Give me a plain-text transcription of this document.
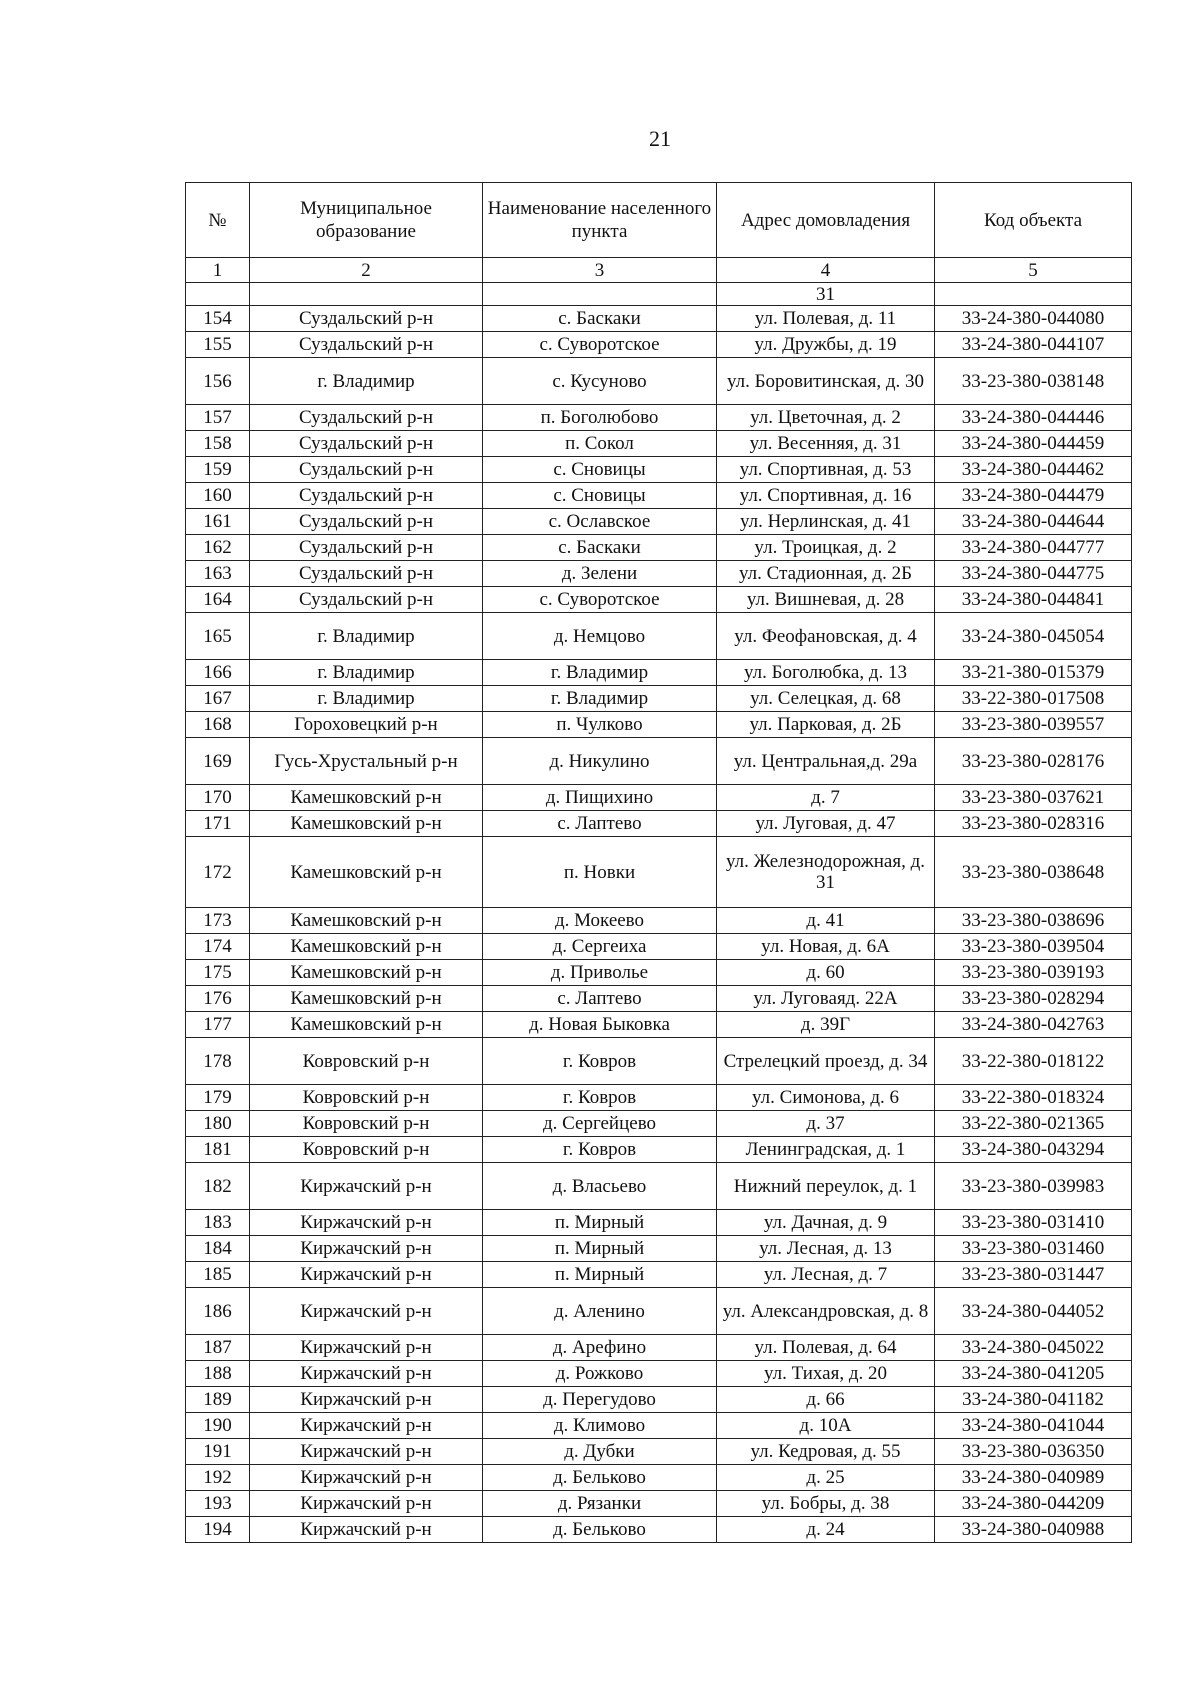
21
№	Муниципальное образование	Наименование населенного пункта	Адрес домовладения	Код объекта
1	2	3	4	5
			31	
154	Суздальский р-н	с. Баскаки	ул. Полевая, д. 11	33-24-380-044080
155	Суздальский р-н	с. Суворотское	ул. Дружбы, д. 19	33-24-380-044107
156	г. Владимир	с. Кусуново	ул. Боровитинская, д. 30	33-23-380-038148
157	Суздальский р-н	п. Боголюбово	ул. Цветочная, д. 2	33-24-380-044446
158	Суздальский р-н	п. Сокол	ул. Весенняя, д. 31	33-24-380-044459
159	Суздальский р-н	с. Сновицы	ул. Спортивная, д. 53	33-24-380-044462
160	Суздальский р-н	с. Сновицы	ул. Спортивная, д. 16	33-24-380-044479
161	Суздальский р-н	с. Ославское	ул. Нерлинская, д. 41	33-24-380-044644
162	Суздальский р-н	с. Баскаки	ул. Троицкая, д. 2	33-24-380-044777
163	Суздальский р-н	д. Зелени	ул. Стадионная, д. 2Б	33-24-380-044775
164	Суздальский р-н	с. Суворотское	ул. Вишневая, д. 28	33-24-380-044841
165	г. Владимир	д. Немцово	ул. Феофановская, д. 4	33-24-380-045054
166	г. Владимир	г. Владимир	ул. Боголюбка, д. 13	33-21-380-015379
167	г. Владимир	г. Владимир	ул. Селецкая, д. 68	33-22-380-017508
168	Гороховецкий р-н	п. Чулково	ул. Парковая, д. 2Б	33-23-380-039557
169	Гусь-Хрустальный р-н	д. Никулино	ул. Центральная,д. 29а	33-23-380-028176
170	Камешковский р-н	д. Пищихино	д. 7	33-23-380-037621
171	Камешковский р-н	с. Лаптево	ул. Луговая, д. 47	33-23-380-028316
172	Камешковский р-н	п. Новки	ул. Железнодорожная, д. 31	33-23-380-038648
173	Камешковский р-н	д. Мокеево	д. 41	33-23-380-038696
174	Камешковский р-н	д. Сергеиха	ул. Новая, д. 6А	33-23-380-039504
175	Камешковский р-н	д. Приволье	д. 60	33-23-380-039193
176	Камешковский р-н	с. Лаптево	ул. Луговаяд. 22А	33-23-380-028294
177	Камешковский р-н	д. Новая Быковка	д. 39Г	33-24-380-042763
178	Ковровский р-н	г. Ковров	Стрелецкий проезд, д. 34	33-22-380-018122
179	Ковровский р-н	г. Ковров	ул. Симонова, д. 6	33-22-380-018324
180	Ковровский р-н	д. Сергейцево	д. 37	33-22-380-021365
181	Ковровский р-н	г. Ковров	Ленинградская, д. 1	33-24-380-043294
182	Киржачский р-н	д. Власьево	Нижний переулок, д. 1	33-23-380-039983
183	Киржачский р-н	п. Мирный	ул. Дачная, д. 9	33-23-380-031410
184	Киржачский р-н	п. Мирный	ул. Лесная, д. 13	33-23-380-031460
185	Киржачский р-н	п. Мирный	ул. Лесная, д. 7	33-23-380-031447
186	Киржачский р-н	д. Аленино	ул. Александровская, д. 8	33-24-380-044052
187	Киржачский р-н	д. Арефино	ул. Полевая, д. 64	33-24-380-045022
188	Киржачский р-н	д. Рожково	ул. Тихая, д. 20	33-24-380-041205
189	Киржачский р-н	д. Перегудово	д. 66	33-24-380-041182
190	Киржачский р-н	д. Климово	д. 10А	33-24-380-041044
191	Киржачский р-н	д. Дубки	ул. Кедровая, д. 55	33-23-380-036350
192	Киржачский р-н	д. Бельково	д. 25	33-24-380-040989
193	Киржачский р-н	д. Рязанки	ул. Бобры, д. 38	33-24-380-044209
194	Киржачский р-н	д. Бельково	д. 24	33-24-380-040988
